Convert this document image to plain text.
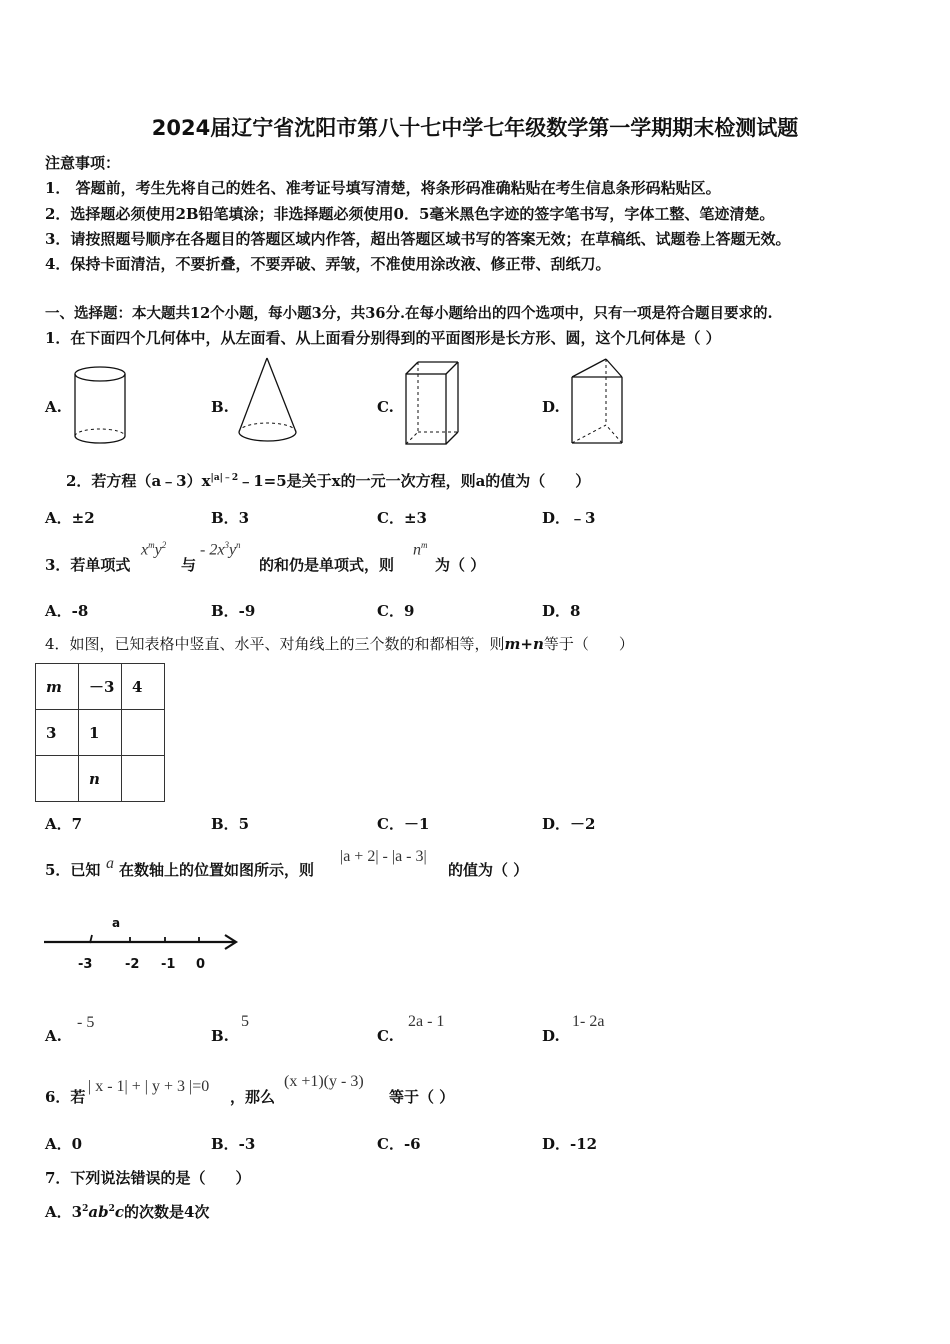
2024届辽宁省沈阳市第八十七中学七年级数学第一学期期末检测试题
注意事项：
1． 答题前，考生先将自己的姓名、准考证号填写清楚，将条形码准确粘贴在考生信息条形码粘贴区。
2．选择题必须使用2B铅笔填涂；非选择题必须使用0．5毫米黑色字迹的签字笔书写，字体工整、笔迹清楚。
3．请按照题号顺序在各题目的答题区域内作答，超出答题区域书写的答案无效；在草稿纸、试题卷上答题无效。
4．保持卡面清洁，不要折叠，不要弄破、弄皱，不准使用涂改液、修正带、刮纸刀。
一、选择题：本大题共12个小题，每小题3分，共36分.在每小题给出的四个选项中，只有一项是符合题目要求的.
1．在下面四个几何体中，从左面看、从上面看分别得到的平面图形是长方形、圆，这个几何体是（ ）
A.	B.	C.	D.
2．若方程$(a﹣3)x^{|a|﹣2}﹣1=5$是关于x的一元一次方程，则a的值为（　　）
A．±2	B．3	C．±3	D．﹣3
3．若单项式
$x^my^2$
与
- $2x^3y^n$
的和仍是单项式，则
$n^m$
为（ ）
A．-8	B．-9	C．9	D．8
4．如图，已知表格中竖直、水平、对角线上的三个数的和都相等，则m+n等于（　　）
m	－3	4
3	1	
	n	
A．7	B．5	C．－1	D．－2
5．已知 a 在数轴上的位置如图所示，则
|a + 2| - |a - 3|
的值为（ ）
a
-3	-2 -1 0
A.
- 5
B.
5
C.
2a - 1
D.
1- 2a
6．若
| x - 1| + | y + 3 |=0
，那么
(x +1)(y - 3)
等于（ ）
A．0	B．-3	C．-6	D．-12
7．下列说法错误的是（　　）
A．$3^2ab^2c$的次数是4次
